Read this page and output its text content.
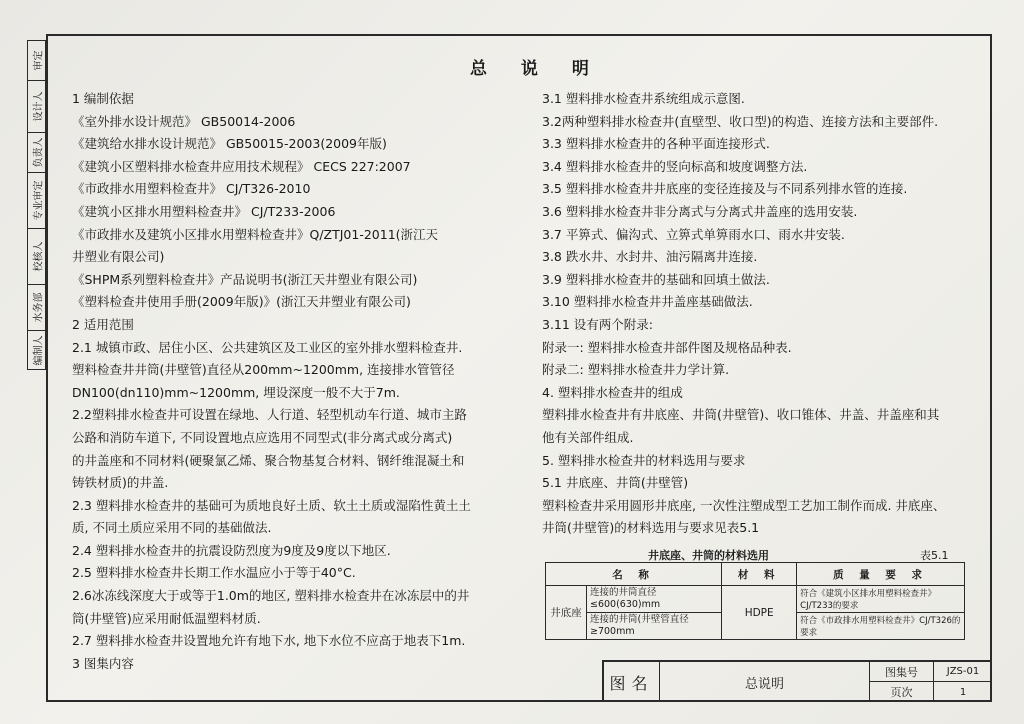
审定
设计人
负责人
专业审定
校核人
水务部
编制人
总 说 明
1 编制依据
《室外排水设计规范》 GB50014-2006
《建筑给水排水设计规范》 GB50015-2003(2009年版)
《建筑小区塑料排水检查井应用技术规程》 CECS 227:2007
《市政排水用塑料检查井》 CJ/T326-2010
《建筑小区排水用塑料检查井》 CJ/T233-2006
《市政排水及建筑小区排水用塑料检查井》Q/ZTJ01-2011(浙江天
井塑业有限公司)
《SHPM系列塑料检查井》产品说明书(浙江天井塑业有限公司)
《塑料检查井使用手册(2009年版)》(浙江天井塑业有限公司)
2 适用范围
2.1 城镇市政、居住小区、公共建筑区及工业区的室外排水塑料检查井.
塑料检查井井筒(井壁管)直径从200mm~1200mm, 连接排水管管径
DN100(dn110)mm~1200mm, 埋设深度一般不大于7m.
2.2塑料排水检查井可设置在绿地、人行道、轻型机动车行道、城市主路
公路和消防车道下, 不同设置地点应选用不同型式(非分离式或分离式)
的井盖座和不同材料(硬聚氯乙烯、聚合物基复合材料、钢纤维混凝土和
铸铁材质)的井盖.
2.3 塑料排水检查井的基础可为质地良好土质、软土土质或湿陷性黄土土
质, 不同土质应采用不同的基础做法.
2.4 塑料排水检查井的抗震设防烈度为9度及9度以下地区.
2.5 塑料排水检查井长期工作水温应小于等于40°C.
2.6冰冻线深度大于或等于1.0m的地区, 塑料排水检查井在冰冻层中的井
筒(井壁管)应采用耐低温塑料材质.
2.7 塑料排水检查井设置地允许有地下水, 地下水位不应高于地表下1m.
3 图集内容
3.1 塑料排水检查井系统组成示意图.
3.2两种塑料排水检查井(直壁型、收口型)的构造、连接方法和主要部件.
3.3 塑料排水检查井的各种平面连接形式.
3.4 塑料排水检查井的竖向标高和坡度调整方法.
3.5 塑料排水检查井井底座的变径连接及与不同系列排水管的连接.
3.6 塑料排水检查井非分离式与分离式井盖座的选用安装.
3.7 平箅式、偏沟式、立箅式单箅雨水口、雨水井安装.
3.8 跌水井、水封井、油污隔离井连接.
3.9 塑料排水检查井的基础和回填土做法.
3.10 塑料排水检查井井盖座基础做法.
3.11 设有两个附录:
附录一: 塑料排水检查井部件图及规格品种表.
附录二: 塑料排水检查井力学计算.
4. 塑料排水检查井的组成
塑料排水检查井有井底座、井筒(井壁管)、收口锥体、井盖、井盖座和其
他有关部件组成.
5. 塑料排水检查井的材料选用与要求
5.1 井底座、井筒(井壁管)
塑料检查井采用圆形井底座, 一次性注塑成型工艺加工制作而成. 井底座、
井筒(井壁管)的材料选用与要求见表5.1
井底座、井筒的材料选用	表5.1
名 称		材 料	质 量 要 求
井底座	连接的井筒直径≤600(630)mm	HDPE	符合《建筑小区排水用塑料检查井》CJ/T233的要求
	连接的井筒(井壁管直径≥700mm		符合《市政排水用塑料检查井》CJ/T326的要求
图名	总说明
图集号	JZS-01
页次	1
